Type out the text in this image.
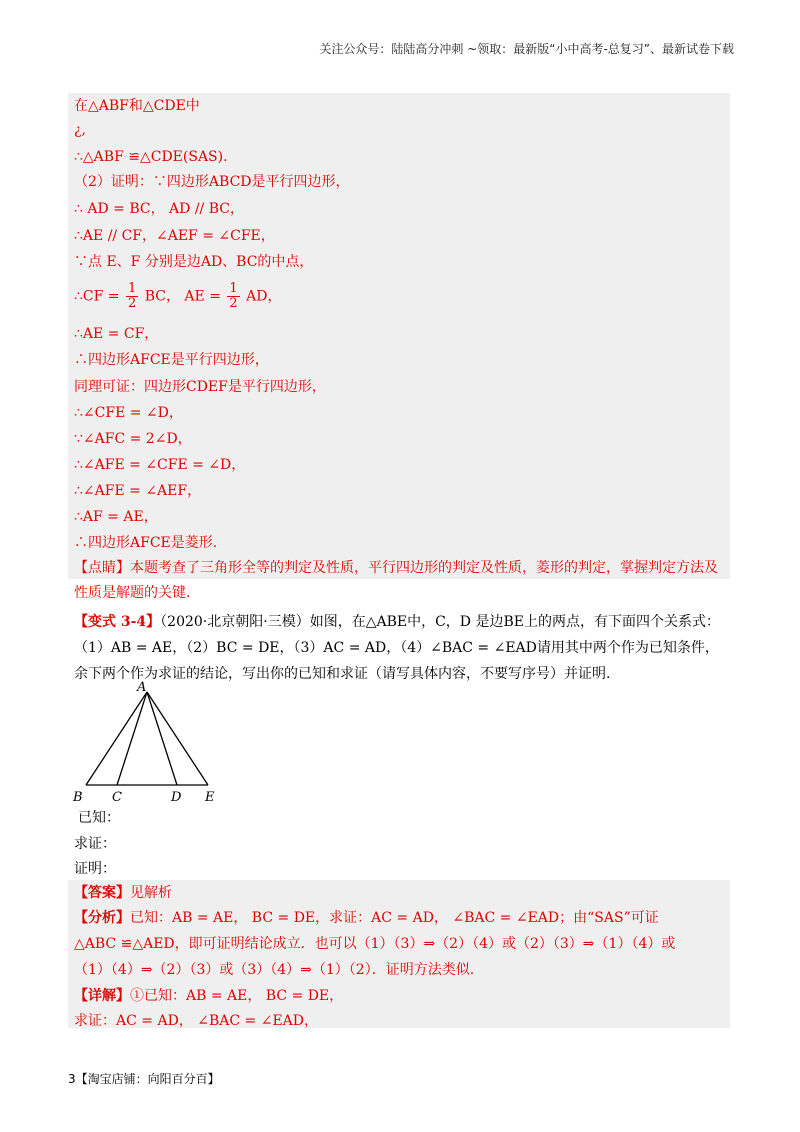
关注公众号：陆陆高分冲刺 ~领取：最新版“小中高考-总复习”、最新试卷下载
在△ABF和△CDE中
¿,
∴△ABF ≌△CDE(SAS).
（2）证明：∵四边形ABCD是平行四边形，
∴ AD = BC， AD // BC，
∴AE // CF，∠AEF = ∠CFE，
∵点 E、F 分别是边AD、BC的中点，
∴CF = $\frac{1}{2}$ BC， AE = $\frac{1}{2}$ AD，
∴AE = CF，
∴四边形AFCE是平行四边形，
同理可证：四边形CDEF是平行四边形，
∴∠CFE = ∠D，
∵∠AFC = 2∠D，
∴∠AFE = ∠CFE = ∠D，
∴∠AFE = ∠AEF，
∴AF = AE，
∴四边形AFCE是菱形.
【点睛】本题考查了三角形全等的判定及性质，平行四边形的判定及性质，菱形的判定，掌握判定方法及
性质是解题的关键.
【变式 3-4】（2020·北京朝阳·三模）如图，在△ABE中，C，D 是边BE上的两点，有下面四个关系式：
（1）AB = AE，（2）BC = DE，（3）AC = AD，（4）∠BAC = ∠EAD请用其中两个作为已知条件，
余下两个作为求证的结论，写出你的已知和求证（请写具体内容，不要写序号）并证明.
A
B C	D E
已知：
求证：
证明：
【答案】见解析
【分析】已知：AB = AE， BC = DE，求证：AC = AD， ∠BAC = ∠EAD；由“SAS”可证
△ABC ≌△AED，即可证明结论成立．也可以（1）（3）⇒（2）（4）或（2）（3）⇒（1）（4）或
（1）（4）⇒（2）（3）或（3）（4）⇒（1）（2）．证明方法类似.
【详解】①已知：AB = AE， BC = DE，
求证：AC = AD， ∠BAC = ∠EAD，
3【淘宝店铺：向阳百分百】
